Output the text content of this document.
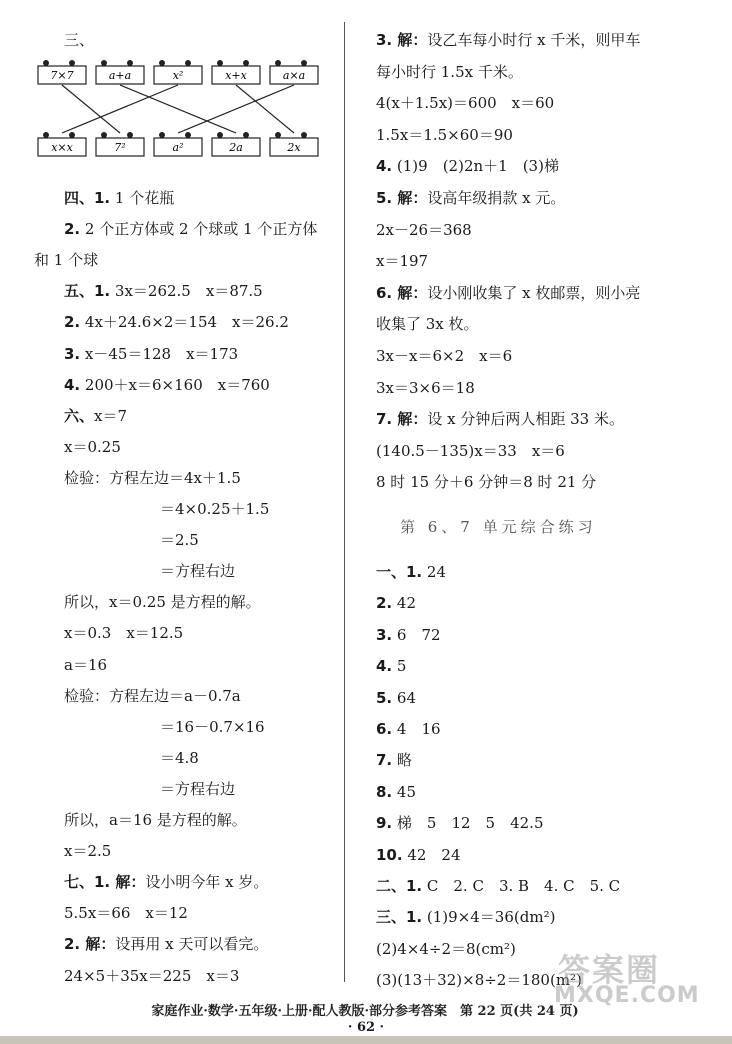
三、
7×7	a+a	x²	x+x	a×a
x×x	7²	a²	2a	2x
四、1. 1 个花瓶
2. 2 个正方体或 2 个球或 1 个正方体
和 1 个球
五、1. 3x＝262.5　x＝87.5
2. 4x＋24.6×2＝154　x＝26.2
3. x－45＝128　x＝173
4. 200＋x＝6×160　x＝760
六、x＝7
x＝0.25
检验：方程左边＝4x＋1.5
＝4×0.25＋1.5
＝2.5
＝方程右边
所以，x＝0.25 是方程的解。
x＝0.3　x＝12.5
a＝16
检验：方程左边＝a－0.7a
＝16－0.7×16
＝4.8
＝方程右边
所以，a＝16 是方程的解。
x＝2.5
七、1. 解：设小明今年 x 岁。
5.5x＝66　x＝12
2. 解：设再用 x 天可以看完。
24×5＋35x＝225　x＝3
3. 解：设乙车每小时行 x 千米，则甲车
每小时行 1.5x 千米。
4(x＋1.5x)＝600　x＝60
1.5x＝1.5×60＝90
4. (1)9　(2)2n＋1　(3)梯
5. 解：设高年级捐款 x 元。
2x－26＝368
x＝197
6. 解：设小刚收集了 x 枚邮票，则小亮
收集了 3x 枚。
3x－x＝6×2　x＝6
3x＝3×6＝18
7. 解：设 x 分钟后两人相距 33 米。
(140.5－135)x＝33　x＝6
8 时 15 分＋6 分钟＝8 时 21 分
一、1. 24
2. 42
3. 6　72
4. 5
5. 64
6. 4　16
7. 略
8. 45
9. 梯　5　12　5　42.5
10. 42　24
二、1. C　2. C　3. B　4. C　5. C
三、1. (1)9×4＝36(dm²)
(2)4×4÷2＝8(cm²)
(3)(13＋32)×8÷2＝180(m²)
第 6、7 单元综合练习
家庭作业·数学·五年级·上册·配人教版·部分参考答案　第 22 页(共 24 页)
· 62 ·
答案圈
MXQE.COM
